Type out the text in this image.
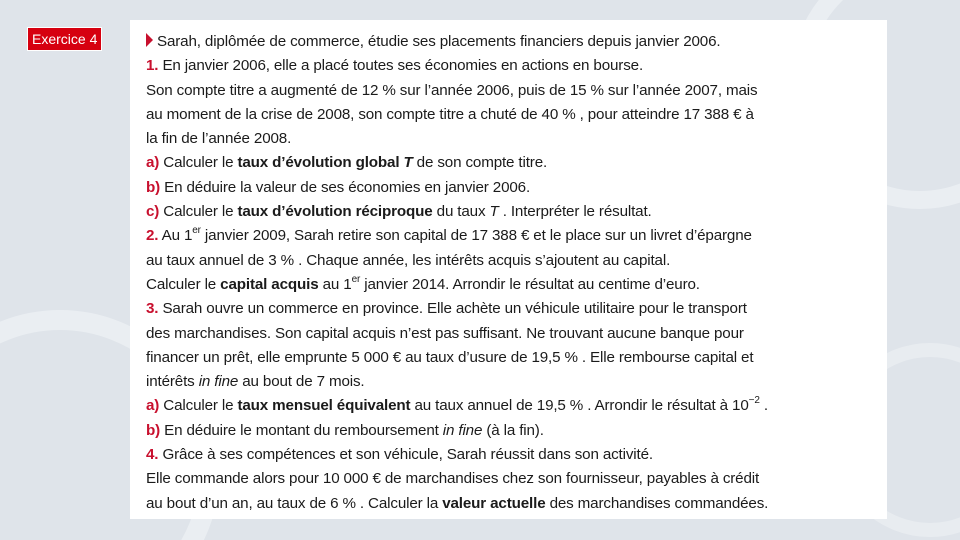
Exercice 4	Sarah, diplômée de commerce, étudie ses placements financiers depuis janvier 2006.
1. En janvier 2006, elle a placé toutes ses économies en actions en bourse.
Son compte titre a augmenté de 12 % sur l’année 2006, puis de 15 % sur l’année 2007, mais
au moment de la crise de 2008, son compte titre a chuté de 40 % , pour atteindre 17 388 € à
la fin de l’année 2008.
a) Calculer le taux d’évolution global T de son compte titre.
b) En déduire la valeur de ses économies en janvier 2006.
c) Calculer le taux d’évolution réciproque du taux T . Interpréter le résultat.
2. Au 1er janvier 2009, Sarah retire son capital de 17 388 € et le place sur un livret d’épargne
au taux annuel de 3 % . Chaque année, les intérêts acquis s’ajoutent au capital.
Calculer le capital acquis au 1er janvier 2014. Arrondir le résultat au centime d’euro.
3. Sarah ouvre un commerce en province. Elle achète un véhicule utilitaire pour le transport
des marchandises. Son capital acquis n’est pas suffisant. Ne trouvant aucune banque pour
financer un prêt, elle emprunte 5 000 € au taux d’usure de 19,5 % . Elle rembourse capital et
intérêts in fine au bout de 7 mois.
a) Calculer le taux mensuel équivalent au taux annuel de 19,5 % . Arrondir le résultat à $10^{-2}$ .
b) En déduire le montant du remboursement in fine (à la fin).
4. Grâce à ses compétences et son véhicule, Sarah réussit dans son activité.
Elle commande alors pour 10 000 € de marchandises chez son fournisseur, payables à crédit
au bout d’un an, au taux de 6 % . Calculer la valeur actuelle des marchandises commandées.
